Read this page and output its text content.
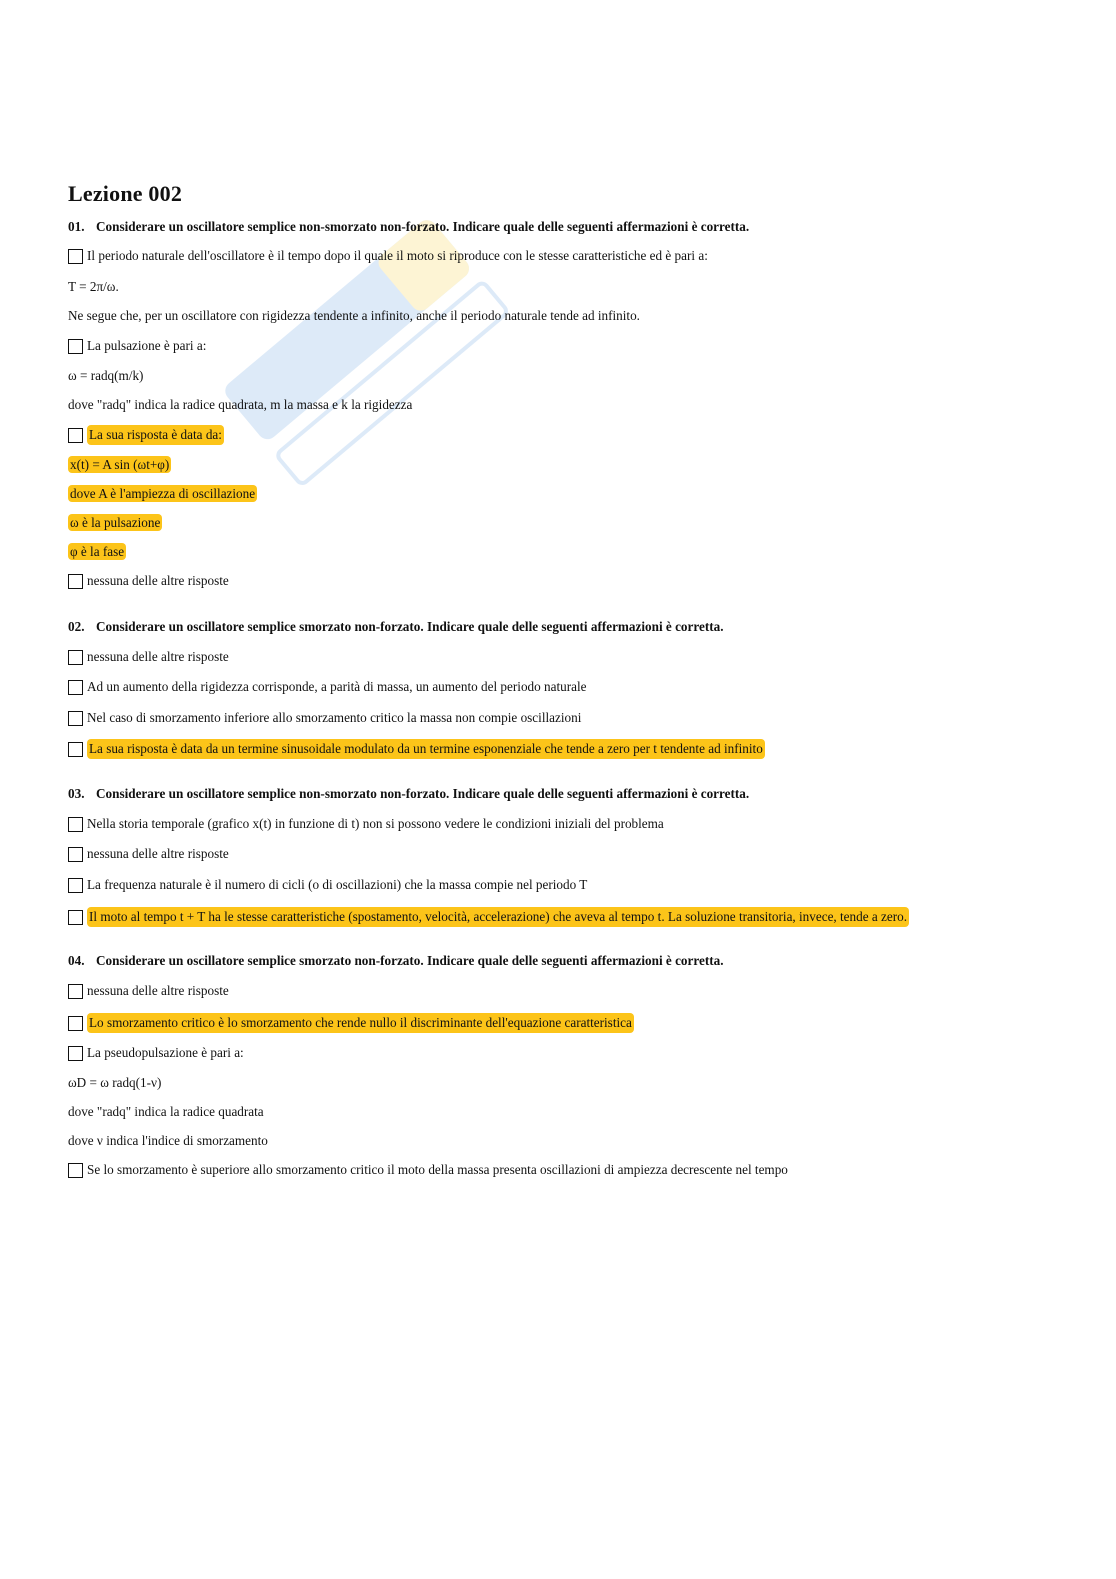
Lezione 002
01. Considerare un oscillatore semplice non-smorzato non-forzato. Indicare quale delle seguenti affermazioni è corretta.
Il periodo naturale dell'oscillatore è il tempo dopo il quale il moto si riproduce con le stesse caratteristiche ed è pari a:
T = 2π/ω.
Ne segue che, per un oscillatore con rigidezza tendente a infinito, anche il periodo naturale tende ad infinito.
La pulsazione è pari a:
ω = radq(m/k)
dove "radq" indica la radice quadrata, m la massa e k la rigidezza
La sua risposta è data da:
x(t) = A sin (ωt+φ)
dove A è l'ampiezza di oscillazione
ω è la pulsazione
φ è la fase
nessuna delle altre risposte
02. Considerare un oscillatore semplice smorzato non-forzato. Indicare quale delle seguenti affermazioni è corretta.
nessuna delle altre risposte
Ad un aumento della rigidezza corrisponde, a parità di massa, un aumento del periodo naturale
Nel caso di smorzamento inferiore allo smorzamento critico la massa non compie oscillazioni
La sua risposta è data da un termine sinusoidale modulato da un termine esponenziale che tende a zero per t tendente ad infinito
03. Considerare un oscillatore semplice non-smorzato non-forzato. Indicare quale delle seguenti affermazioni è corretta.
Nella storia temporale (grafico x(t) in funzione di t) non si possono vedere le condizioni iniziali del problema
nessuna delle altre risposte
La frequenza naturale è il numero di cicli (o di oscillazioni) che la massa compie nel periodo T
Il moto al tempo t + T ha le stesse caratteristiche (spostamento, velocità, accelerazione) che aveva al tempo t. La soluzione transitoria, invece, tende a zero.
04. Considerare un oscillatore semplice smorzato non-forzato. Indicare quale delle seguenti affermazioni è corretta.
nessuna delle altre risposte
Lo smorzamento critico è lo smorzamento che rende nullo il discriminante dell'equazione caratteristica
La pseudopulsazione è pari a:
ωD = ω radq(1-ν)
dove "radq" indica la radice quadrata
dove ν indica l'indice di smorzamento
Se lo smorzamento è superiore allo smorzamento critico il moto della massa presenta oscillazioni di ampiezza decrescente nel tempo
